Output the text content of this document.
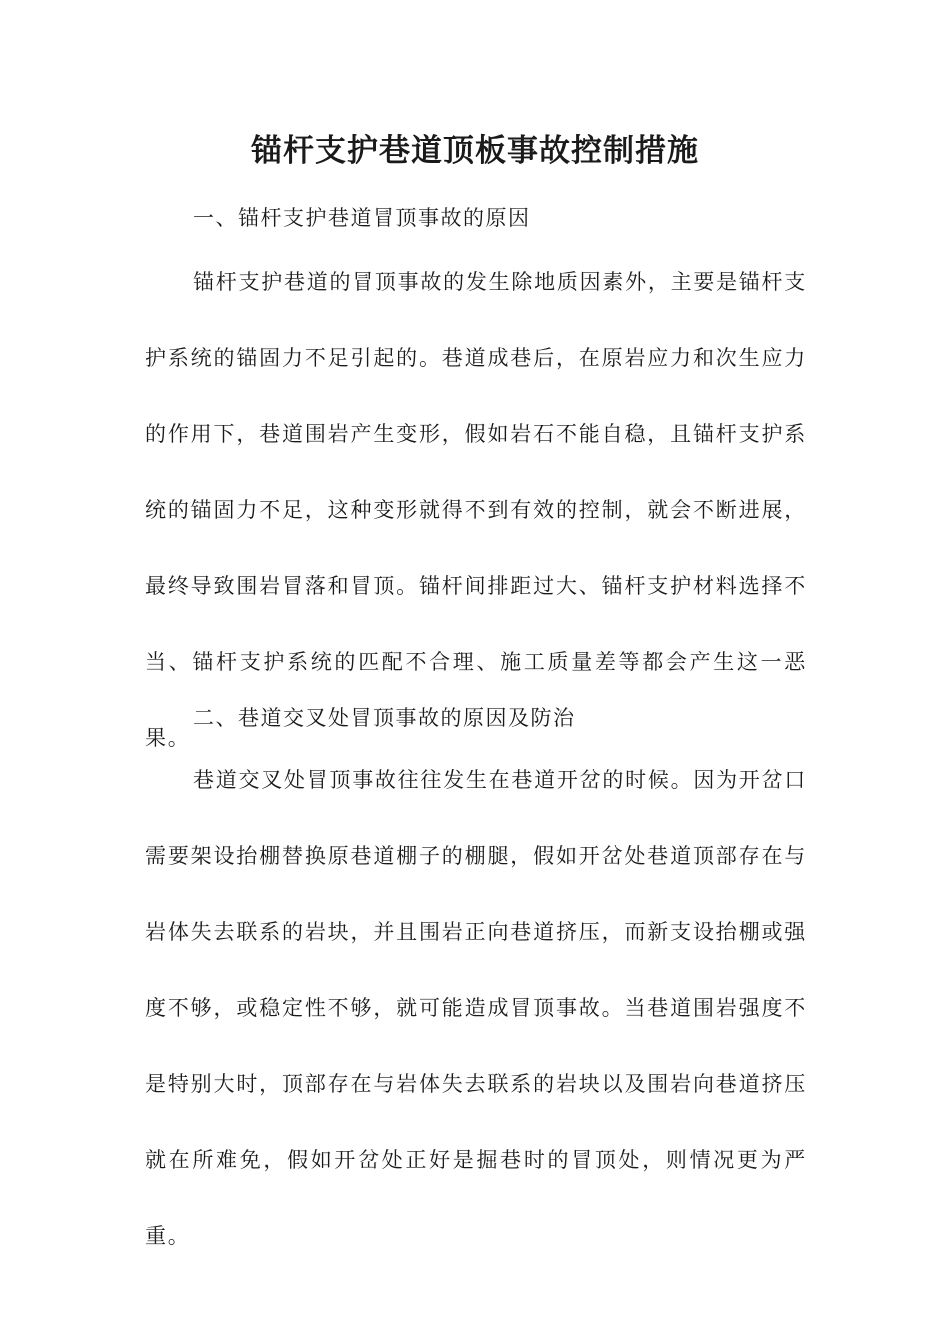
锚杆支护巷道顶板事故控制措施

一、锚杆支护巷道冒顶事故的原因

锚杆支护巷道的冒顶事故的发生除地质因素外，主要是锚杆支护系统的锚固力不足引起的。巷道成巷后，在原岩应力和次生应力的作用下，巷道围岩产生变形，假如岩石不能自稳，且锚杆支护系统的锚固力不足，这种变形就得不到有效的控制，就会不断进展，最终导致围岩冒落和冒顶。锚杆间排距过大、锚杆支护材料选择不当、锚杆支护系统的匹配不合理、施工质量差等都会产生这一恶果。

二、巷道交叉处冒顶事故的原因及防治

巷道交叉处冒顶事故往往发生在巷道开岔的时候。因为开岔口需要架设抬棚替换原巷道棚子的棚腿，假如开岔处巷道顶部存在与岩体失去联系的岩块，并且围岩正向巷道挤压，而新支设抬棚或强度不够，或稳定性不够，就可能造成冒顶事故。当巷道围岩强度不是特别大时，顶部存在与岩体失去联系的岩块以及围岩向巷道挤压就在所难免，假如开岔处正好是掘巷时的冒顶处，则情况更为严重。
